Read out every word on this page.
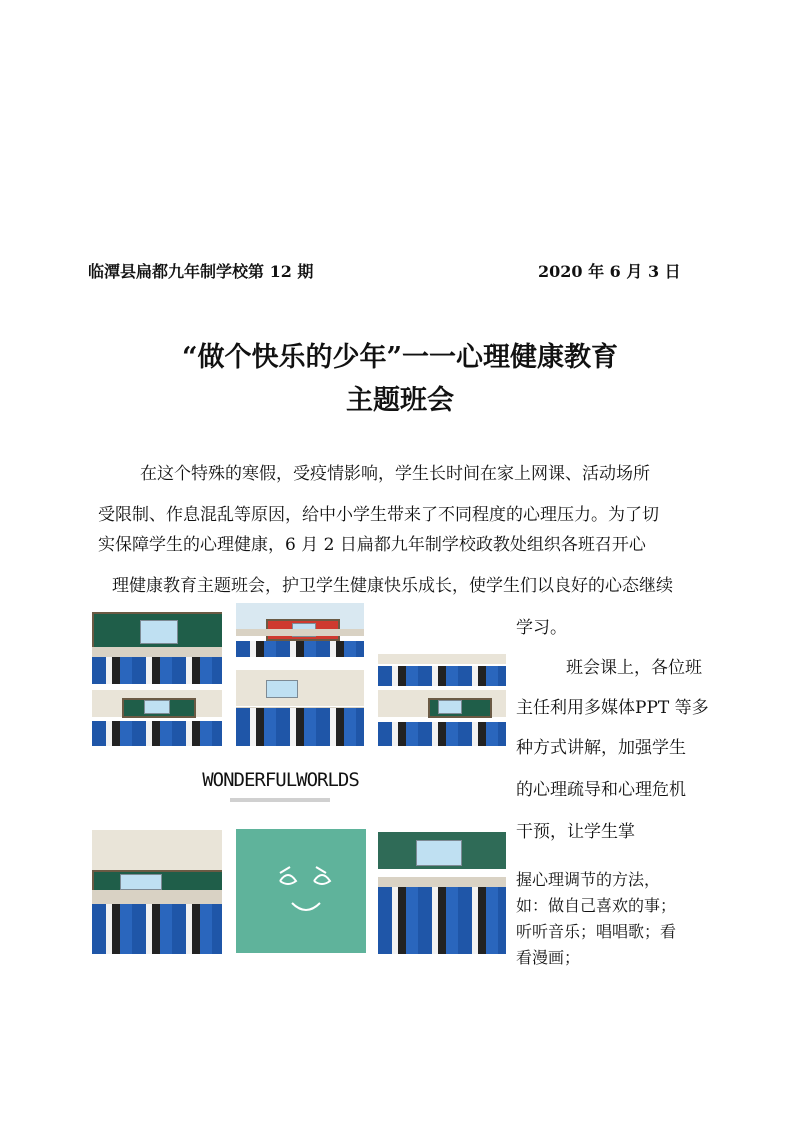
临潭县扁都九年制学校第 12 期	2020 年 6 月 3 日
“做个快乐的少年”一一心理健康教育
主题班会
在这个特殊的寒假，受疫情影响，学生长时间在家上网课、活动场所
受限制、作息混乱等原因，给中小学生带来了不同程度的心理压力。为了切
实保障学生的心理健康，6 月 2 日扁都九年制学校政教处组织各班召开心
理健康教育主题班会，护卫学生健康快乐成长，使学生们以良好的心态继续
WONDERFULWORLDS
学习。
班会课上，各位班
主任利用多媒体PPT 等多
种方式讲解，加强学生
的心理疏导和心理危机
干预，让学生掌
握心理调节的方法，
如：做自己喜欢的事；
听听音乐；唱唱歌；看
看漫画；
